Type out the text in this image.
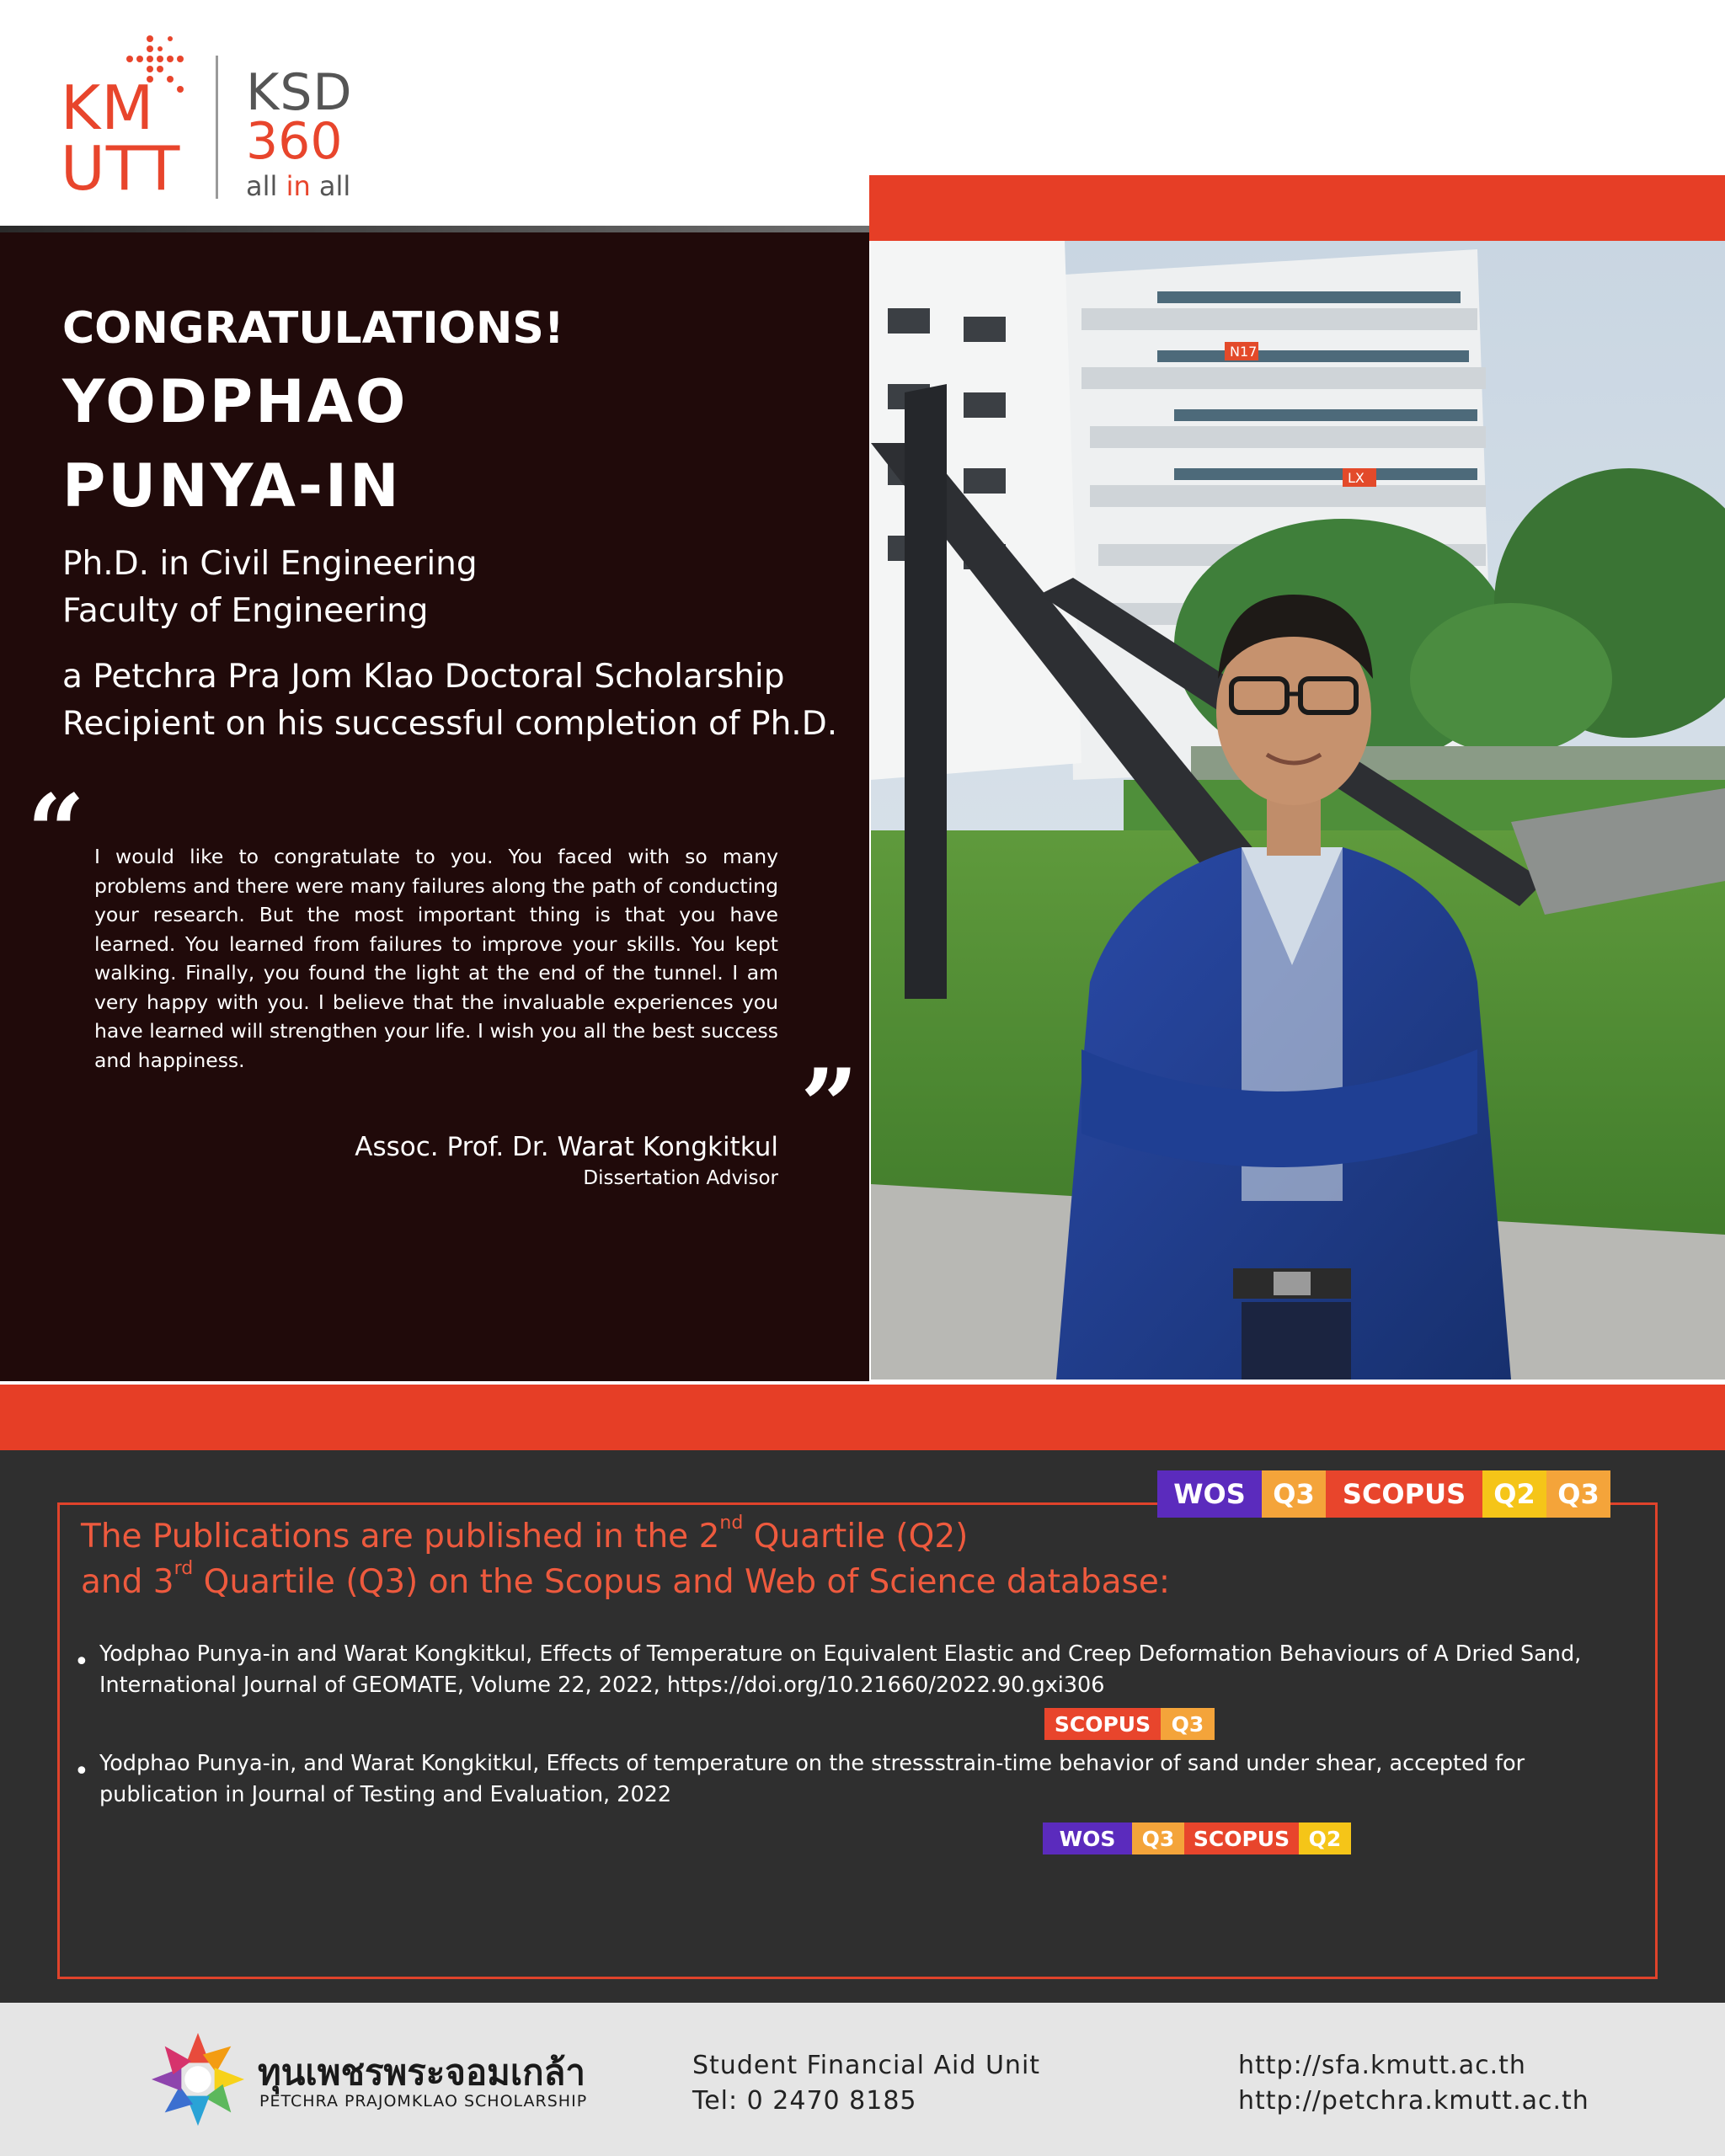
KM
UTT
KSD
360
all in all
CONGRATULATIONS!
YODPHAO
PUNYA-IN
Ph.D. in Civil Engineering
Faculty of Engineering
a Petchra Pra Jom Klao Doctoral Scholarship
Recipient on his successful completion of Ph.D.
“ I would like to congratulate to you. You faced with so many problems and there were many failures along the path of conducting your research. But the most important thing is that you have learned. You learned from failures to improve your skills. You kept walking. Finally, you found the light at the end of the tunnel. I am very happy with you. I believe that the invaluable experiences you have learned will strengthen your life. I wish you all the best success and happiness.	”
Assoc. Prof. Dr. Warat Kongkitkul
Dissertation Advisor
N17
LX
WOS	Q3	SCOPUS	Q2 Q3
The Publications are published in the 2nd Quartile (Q2)
and 3rd Quartile (Q3) on the Scopus and Web of Science database:
• Yodphao Punya-in and Warat Kongkitkul, Effects of Temperature on Equivalent Elastic and Creep Deformation Behaviours of A Dried Sand, International Journal of GEOMATE, Volume 22, 2022, https://doi.org/10.21660/2022.90.gxi306
SCOPUS Q3
• Yodphao Punya-in, and Warat Kongkitkul, Effects of temperature on the stressstrain-time behavior of sand under shear, accepted for publication in Journal of Testing and Evaluation, 2022
WOS	Q3 SCOPUS Q2
ทุนเพชรพระจอมเกล้า
PETCHRA PRAJOMKLAO SCHOLARSHIP
Student Financial Aid Unit
Tel: 0 2470 8185
http://sfa.kmutt.ac.th
http://petchra.kmutt.ac.th
